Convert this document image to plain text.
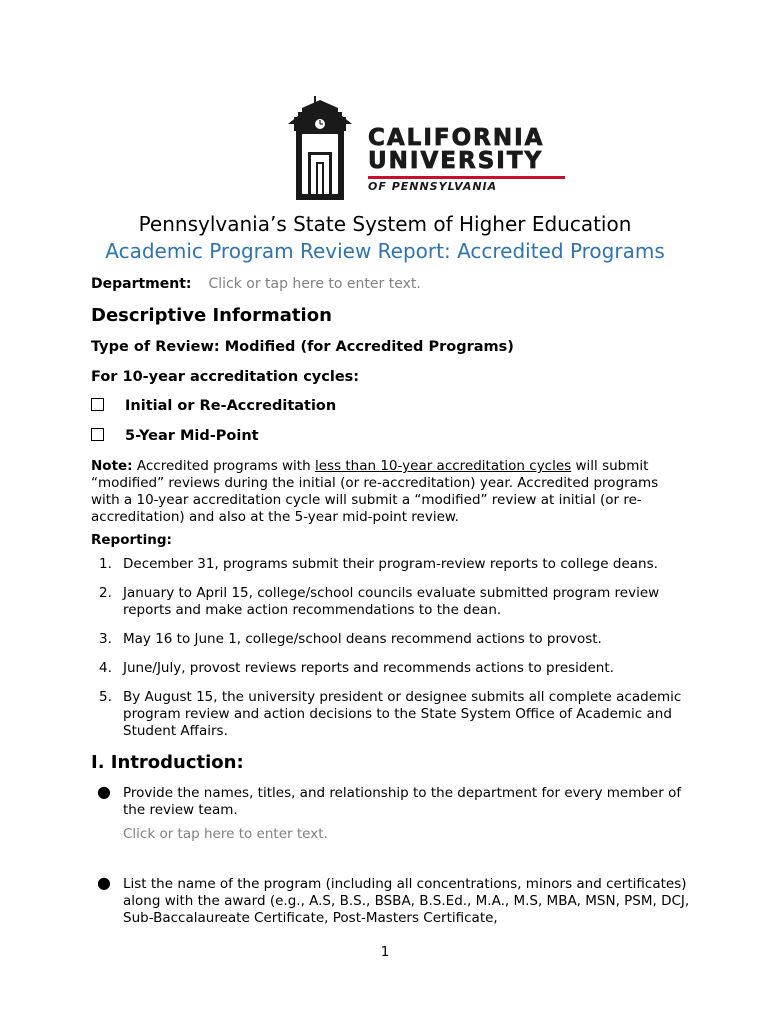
CALIFORNIA
UNIVERSITY
OF PENNSYLVANIA
Pennsylvania’s State System of Higher Education
Academic Program Review Report: Accredited Programs
Department: Click or tap here to enter text.
Descriptive Information
Type of Review: Modified (for Accredited Programs)
For 10-year accreditation cycles:
Initial or Re-Accreditation
5-Year Mid-Point
Note: Accredited programs with less than 10-year accreditation cycles will submit “modified” reviews during the initial (or re-accreditation) year. Accredited programs with a 10-year accreditation cycle will submit a “modified” review at initial (or re-accreditation) and also at the 5-year mid-point review.
Reporting:
1. December 31, programs submit their program-review reports to college deans.
2. January to April 15, college/school councils evaluate submitted program review reports and make action recommendations to the dean.
3. May 16 to June 1, college/school deans recommend actions to provost.
4. June/July, provost reviews reports and recommends actions to president.
5. By August 15, the university president or designee submits all complete academic program review and action decisions to the State System Office of Academic and Student Affairs.
I. Introduction:
● Provide the names, titles, and relationship to the department for every member of the review team.
Click or tap here to enter text.
● List the name of the program (including all concentrations, minors and certificates) along with the award (e.g., A.S, B.S., BSBA, B.S.Ed., M.A., M.S, MBA, MSN, PSM, DCJ, Sub-Baccalaureate Certificate, Post-Masters Certificate,
1
